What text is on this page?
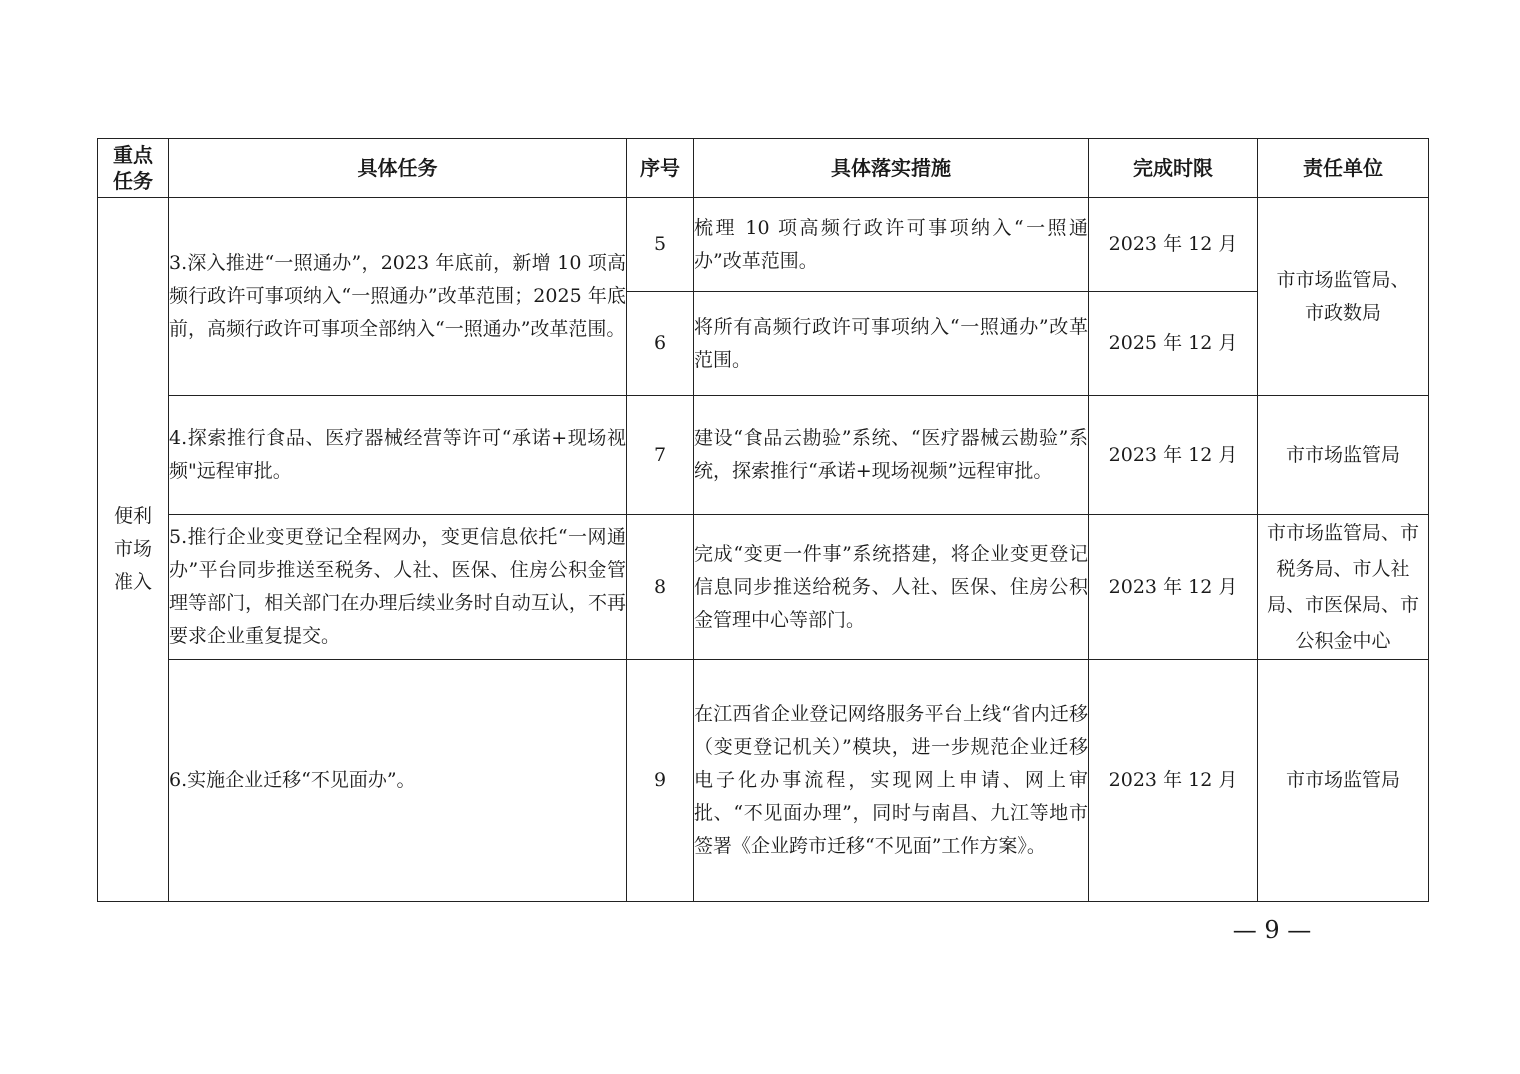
重点任务	具体任务	序号	具体落实措施	完成时限	责任单位
便利市场准入	3.深入推进“一照通办”，2023 年底前，新增 10 项高频行政许可事项纳入“一照通办”改革范围；2025 年底前，高频行政许可事项全部纳入“一照通办”改革范围。	5	梳理 10 项高频行政许可事项纳入“一照通办”改革范围。	2023 年 12 月	市市场监管局、市政数局
		6	将所有高频行政许可事项纳入“一照通办”改革范围。	2025 年 12 月	
	4.探索推行食品、医疗器械经营等许可“承诺+现场视频"远程审批。	7	建设“食品云勘验”系统、“医疗器械云勘验”系统，探索推行“承诺+现场视频”远程审批。	2023 年 12 月	市市场监管局
	5.推行企业变更登记全程网办，变更信息依托“一网通办”平台同步推送至税务、人社、医保、住房公积金管理等部门，相关部门在办理后续业务时自动互认，不再要求企业重复提交。	8	完成“变更一件事”系统搭建，将企业变更登记信息同步推送给税务、人社、医保、住房公积金管理中心等部门。	2023 年 12 月	市市场监管局、市税务局、市人社局、市医保局、市公积金中心
	6.实施企业迁移“不见面办”。	9	在江西省企业登记网络服务平台上线“省内迁移（变更登记机关）”模块，进一步规范企业迁移电子化办事流程，实现网上申请、网上审批、“不见面办理”，同时与南昌、九江等地市签署《企业跨市迁移“不见面”工作方案》。	2023 年 12 月	市市场监管局
— 9 —
